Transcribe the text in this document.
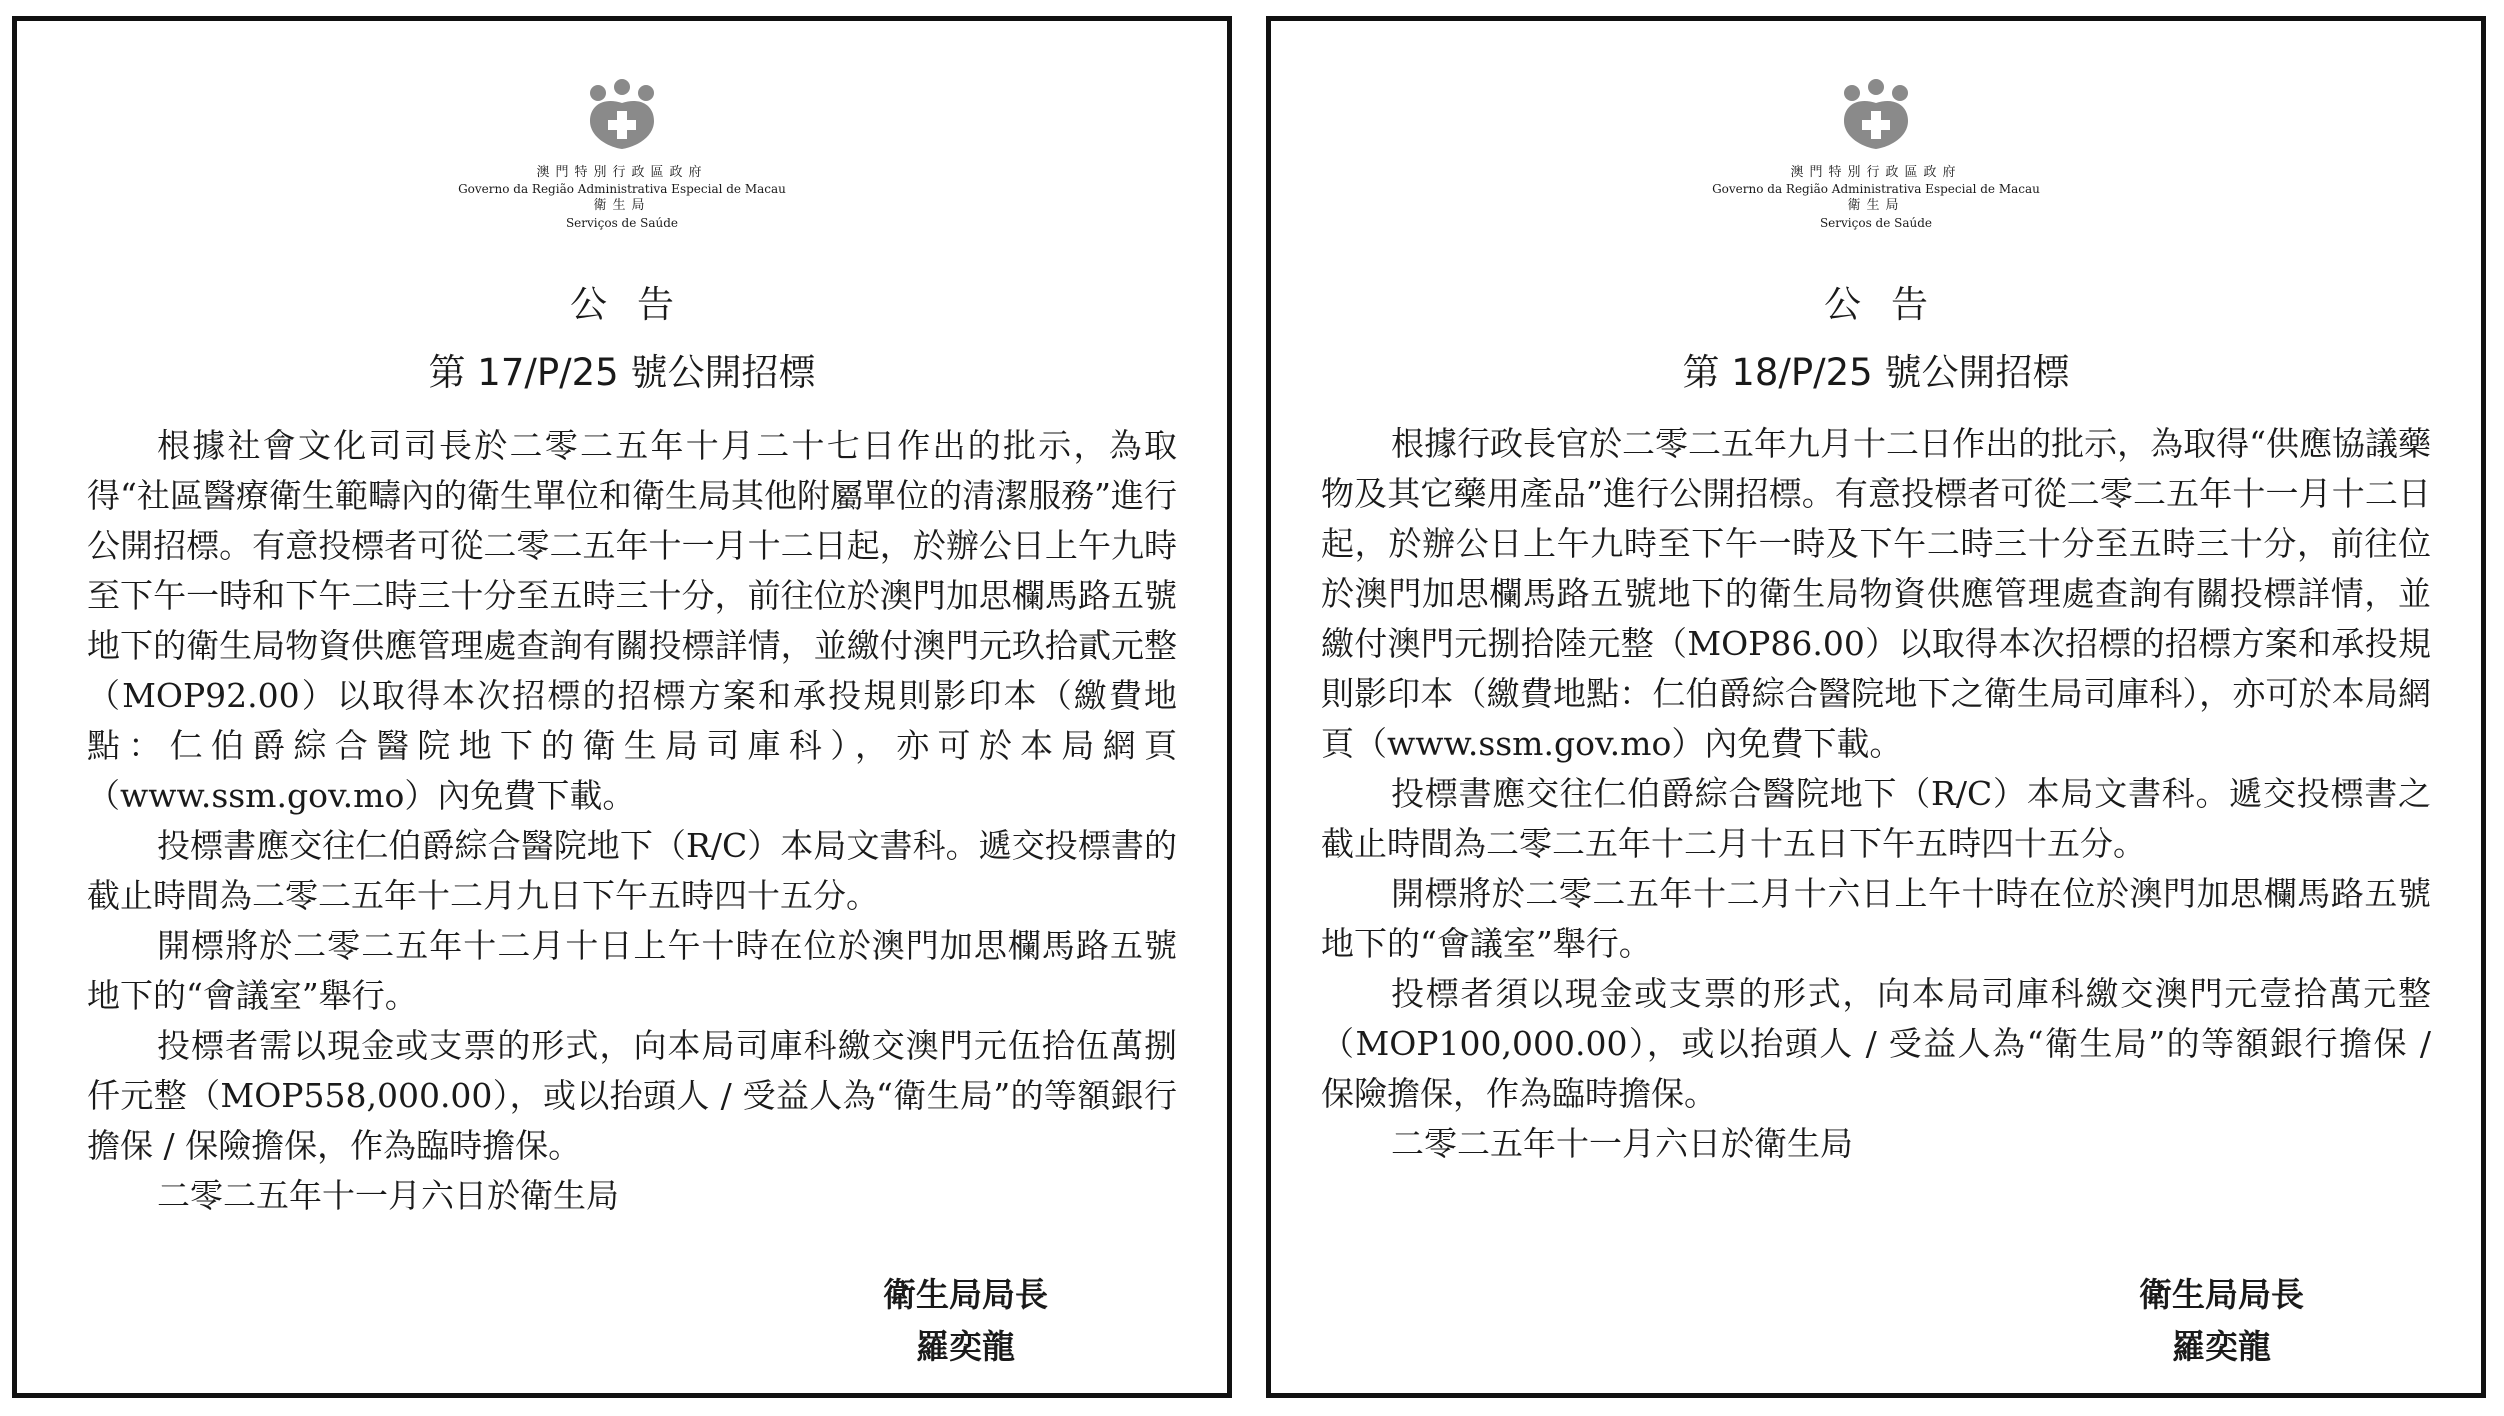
澳門特別行政區政府
Governo da Região Administrativa Especial de Macau
衛生局
Serviços de Saúde
公告
第 17/P/25 號公開招標

根據社會文化司司長於二零二五年十月二十七日作出的批示，為取得“社區醫療衛生範疇內的衛生單位和衛生局其他附屬單位的清潔服務”進行公開招標。有意投標者可從二零二五年十一月十二日起，於辦公日上午九時至下午一時和下午二時三十分至五時三十分，前往位於澳門加思欄馬路五號地下的衛生局物資供應管理處查詢有關投標詳情，並繳付澳門元玖拾貳元整（MOP92.00）以取得本次招標的招標方案和承投規則影印本（繳費地點：仁伯爵綜合醫院地下的衛生局司庫科），亦可於本局網頁（www.ssm.gov.mo）內免費下載。

投標書應交往仁伯爵綜合醫院地下（R/C）本局文書科。遞交投標書的截止時間為二零二五年十二月九日下午五時四十五分。

開標將於二零二五年十二月十日上午十時在位於澳門加思欄馬路五號地下的“會議室”舉行。

投標者需以現金或支票的形式，向本局司庫科繳交澳門元伍拾伍萬捌仟元整（MOP558,000.00），或以抬頭人 / 受益人為“衛生局”的等額銀行擔保 / 保險擔保，作為臨時擔保。

二零二五年十一月六日於衛生局

衛生局局長
羅奕龍
澳門特別行政區政府
Governo da Região Administrativa Especial de Macau
衛生局
Serviços de Saúde
公告
第 18/P/25 號公開招標

根據行政長官於二零二五年九月十二日作出的批示，為取得“供應協議藥物及其它藥用產品”進行公開招標。有意投標者可從二零二五年十一月十二日起，於辦公日上午九時至下午一時及下午二時三十分至五時三十分，前往位於澳門加思欄馬路五號地下的衛生局物資供應管理處查詢有關投標詳情，並繳付澳門元捌拾陸元整（MOP86.00）以取得本次招標的招標方案和承投規則影印本（繳費地點：仁伯爵綜合醫院地下之衛生局司庫科），亦可於本局網頁（www.ssm.gov.mo）內免費下載。

投標書應交往仁伯爵綜合醫院地下（R/C）本局文書科。遞交投標書之截止時間為二零二五年十二月十五日下午五時四十五分。

開標將於二零二五年十二月十六日上午十時在位於澳門加思欄馬路五號地下的“會議室”舉行。

投標者須以現金或支票的形式，向本局司庫科繳交澳門元壹拾萬元整（MOP100,000.00），或以抬頭人 / 受益人為“衛生局”的等額銀行擔保 / 保險擔保，作為臨時擔保。

二零二五年十一月六日於衛生局

衛生局局長
羅奕龍
